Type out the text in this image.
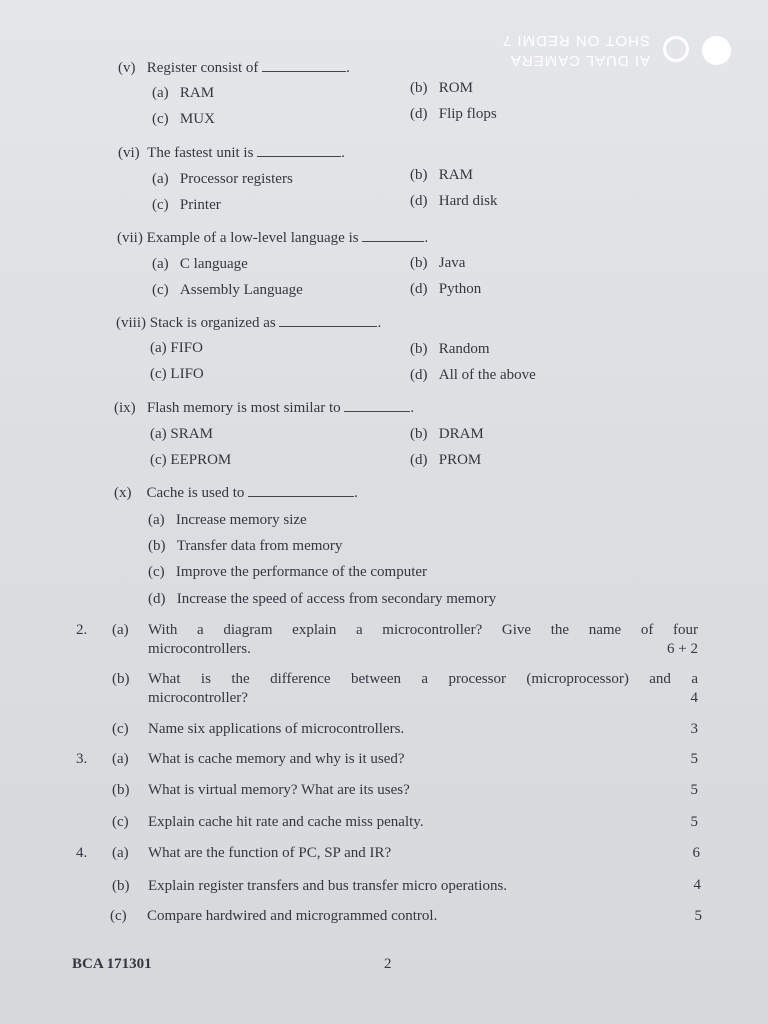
AI DUAL CAMERA
SHOT ON REDMI 7
(v) Register consist of	.
(a) RAM	(b) ROM
(c) MUX	(d) Flip flops
(vi) The fastest unit is	.
(a) Processor registers	(b) RAM
(c) Printer	(d) Hard disk
(vii) Example of a low-level language is	.
(a) C language	(b) Java
(c) Assembly Language	(d) Python
(viii) Stack is organized as	.
(a) FIFO	(b) Random
(c) LIFO	(d) All of the above
(ix) Flash memory is most similar to	.
(a) SRAM	(b) DRAM
(c) EEPROM	(d) PROM
(x) Cache is used to	.
(a) Increase memory size
(b) Transfer data from memory
(c) Improve the performance of the computer
(d) Increase the speed of access from secondary memory
2. (a) With a diagram explain a microcontroller? Give the name of four
microcontrollers.	6 + 2
(b) What is the difference between a processor (microprocessor) and a
microcontroller?	4
(c) Name six applications of microcontrollers.	3
3. (a) What is cache memory and why is it used?	5
(b) What is virtual memory? What are its uses?	5
(c) Explain cache hit rate and cache miss penalty.	5
4. (a) What are the function of PC, SP and IR?	6
(b) Explain register transfers and bus transfer micro operations.	4
(c) Compare hardwired and microgrammed control.	5
BCA 171301	2
